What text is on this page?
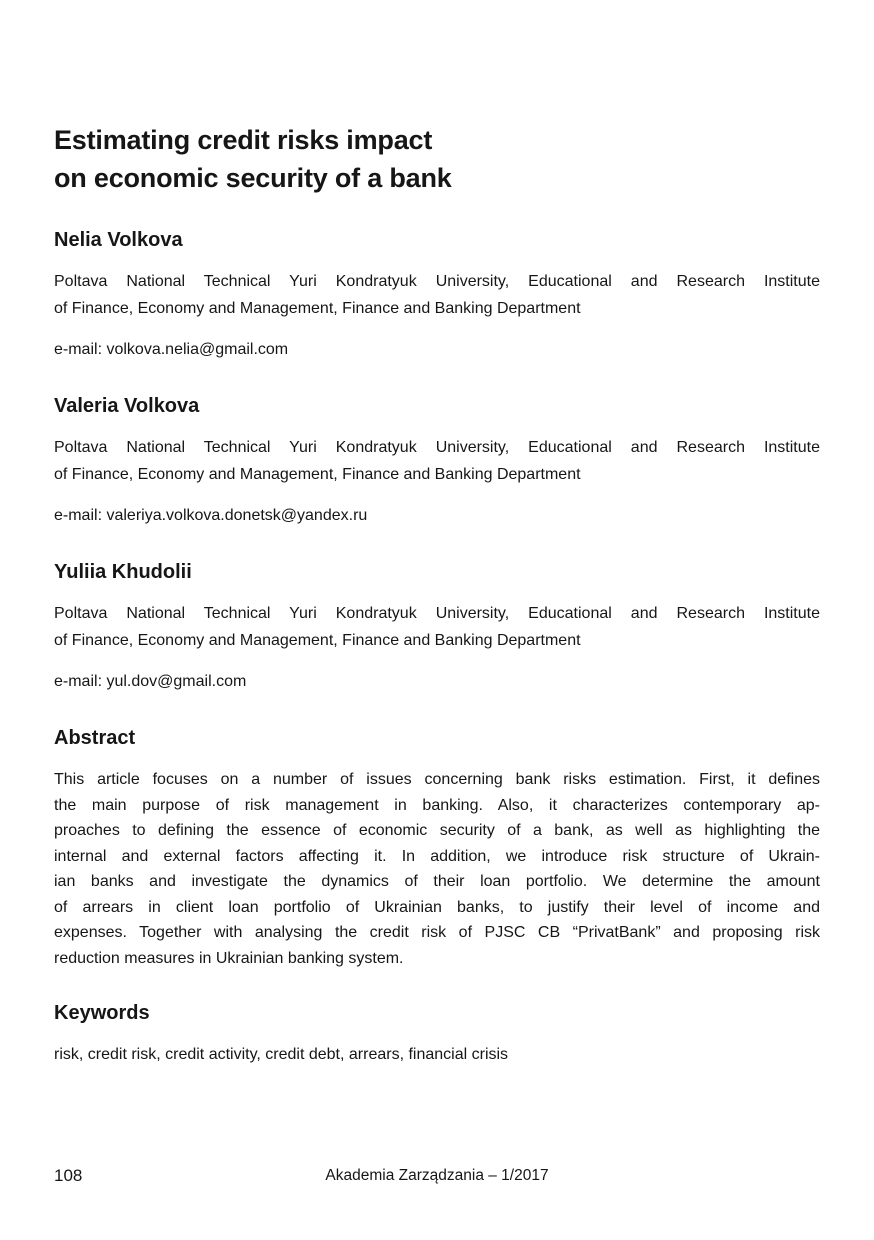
Estimating credit risks impact
on economic security of a bank
Nelia Volkova

Poltava National Technical Yuri Kondratyuk University, Educational and Research Institute
of Finance, Economy and Management, Finance and Banking Department

e-mail: volkova.nelia@gmail.com

Valeria Volkova

Poltava National Technical Yuri Kondratyuk University, Educational and Research Institute
of Finance, Economy and Management, Finance and Banking Department

e-mail: valeriya.volkova.donetsk@yandex.ru

Yuliia Khudolii

Poltava National Technical Yuri Kondratyuk University, Educational and Research Institute
of Finance, Economy and Management, Finance and Banking Department

e-mail: yul.dov@gmail.com

Abstract
This article focuses on a number of issues concerning bank risks estimation. First, it defines
the main purpose of risk management in banking. Also, it characterizes contemporary ap-
proaches to defining the essence of economic security of a bank, as well as highlighting the
internal and external factors affecting it. In addition, we introduce risk structure of Ukrain-
ian banks and investigate the dynamics of their loan portfolio. We determine the amount
of arrears in client loan portfolio of Ukrainian banks, to justify their level of income and
expenses. Together with analysing the credit risk of PJSC CB “PrivatBank” and proposing risk
reduction measures in Ukrainian banking system.
Keywords

risk, credit risk, credit activity, credit debt, arrears, financial crisis

108	Akademia Zarządzania – 1/2017
